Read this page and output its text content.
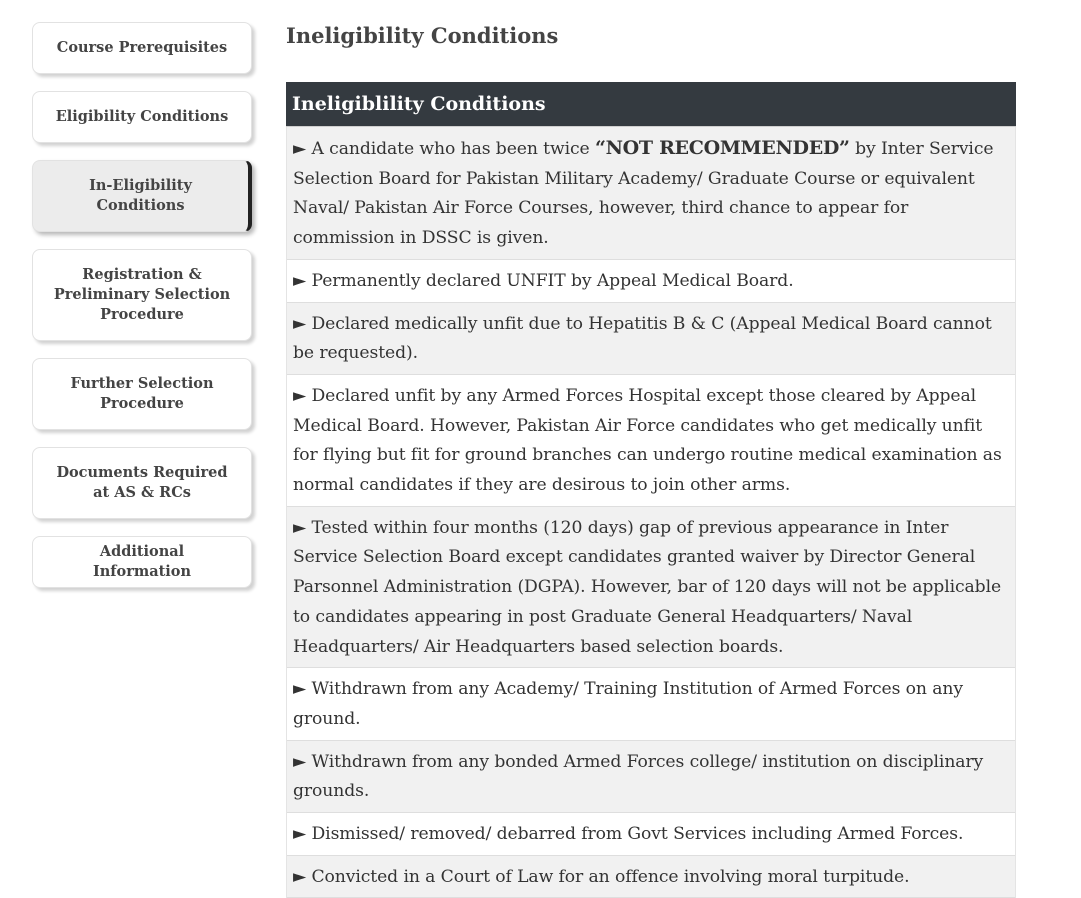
Course Prerequisites
Eligibility Conditions
In-Eligibility Conditions
Registration & Preliminary Selection Procedure
Further Selection Procedure
Documents Required at AS & RCs
Additional Information
Ineligibility Conditions
Ineligiblility Conditions
► A candidate who has been twice “NOT RECOMMENDED” by Inter Service Selection Board for Pakistan Military Academy/ Graduate Course or equivalent Naval/ Pakistan Air Force Courses, however, third chance to appear for commission in DSSC is given.
► Permanently declared UNFIT by Appeal Medical Board.
► Declared medically unfit due to Hepatitis B & C (Appeal Medical Board cannot be requested).
► Declared unfit by any Armed Forces Hospital except those cleared by Appeal Medical Board. However, Pakistan Air Force candidates who get medically unfit for flying but fit for ground branches can undergo routine medical examination as normal candidates if they are desirous to join other arms.
► Tested within four months (120 days) gap of previous appearance in Inter Service Selection Board except candidates granted waiver by Director General Parsonnel Administration (DGPA). However, bar of 120 days will not be applicable to candidates appearing in post Graduate General Headquarters/ Naval Headquarters/ Air Headquarters based selection boards.
► Withdrawn from any Academy/ Training Institution of Armed Forces on any ground.
► Withdrawn from any bonded Armed Forces college/ institution on disciplinary grounds.
► Dismissed/ removed/ debarred from Govt Services including Armed Forces.
► Convicted in a Court of Law for an offence involving moral turpitude.
